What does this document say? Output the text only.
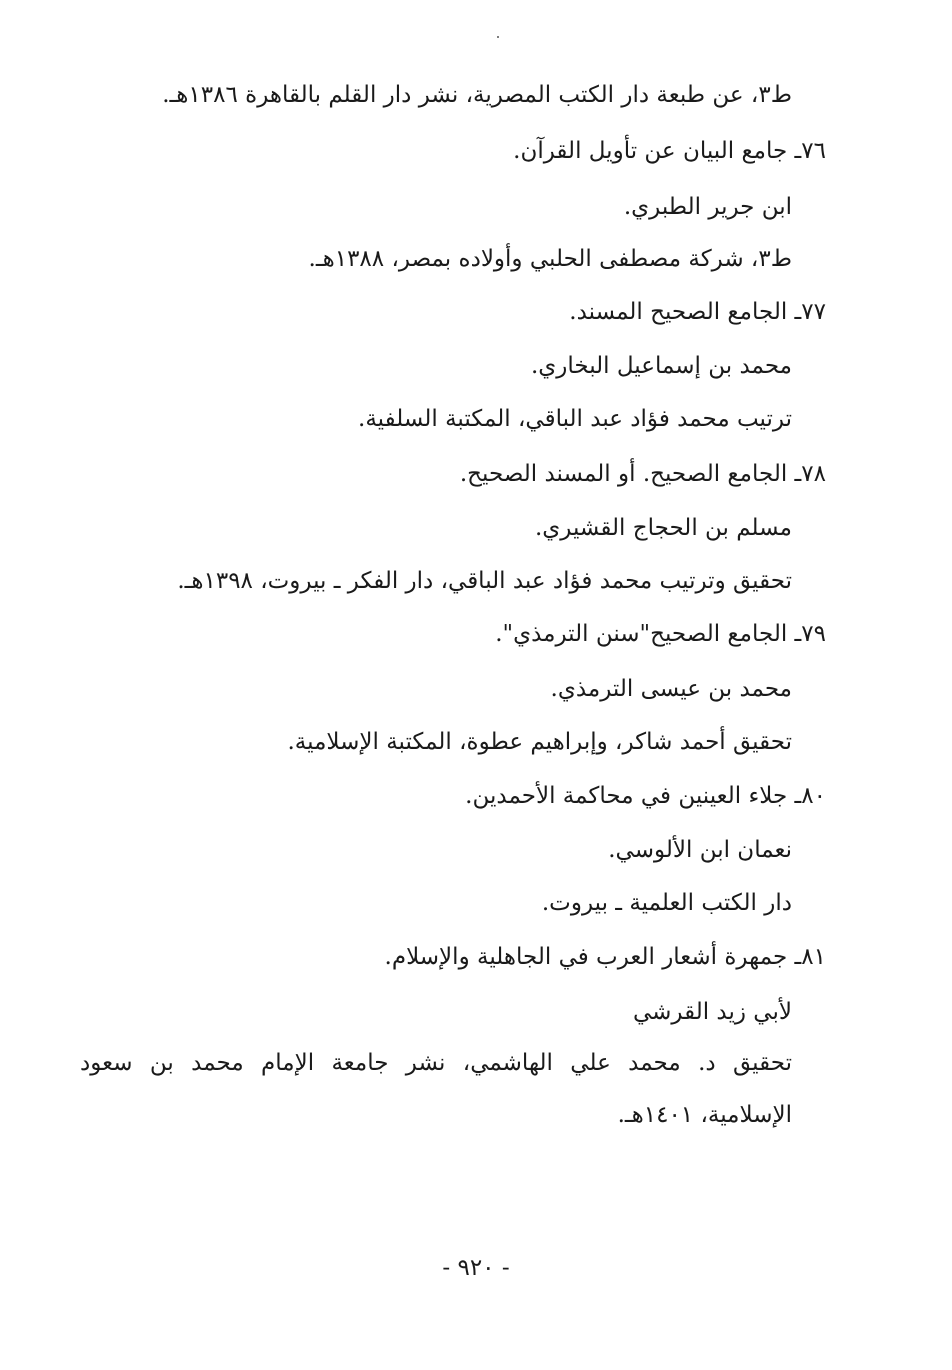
ط٣، عن طبعة دار الكتب المصرية، نشر دار القلم بالقاهرة ١٣٨٦هـ.
٧٦ـ جامع البيان عن تأويل القرآن.
ابن جرير الطبري.
ط٣، شركة مصطفى الحلبي وأولاده بمصر، ١٣٨٨هـ.
٧٧ـ الجامع الصحيح المسند.
محمد بن إسماعيل البخاري.
ترتيب محمد فؤاد عبد الباقي، المكتبة السلفية.
٧٨ـ الجامع الصحيح. أو المسند الصحيح.
مسلم بن الحجاج القشيري.
تحقيق وترتيب محمد فؤاد عبد الباقي، دار الفكر ـ بيروت، ١٣٩٨هـ.
٧٩ـ الجامع الصحيح"سنن الترمذي".
محمد بن عيسى الترمذي.
تحقيق أحمد شاكر، وإبراهيم عطوة، المكتبة الإسلامية.
٨٠ـ جلاء العينين في محاكمة الأحمدين.
نعمان ابن الألوسي.
دار الكتب العلمية ـ بيروت.
٨١ـ جمهرة أشعار العرب في الجاهلية والإسلام.
لأبي زيد القرشي
تحقيق د. محمد علي الهاشمي، نشر جامعة الإمام محمد بن سعود
الإسلامية، ١٤٠١هـ.
- ٩٢٠ -
